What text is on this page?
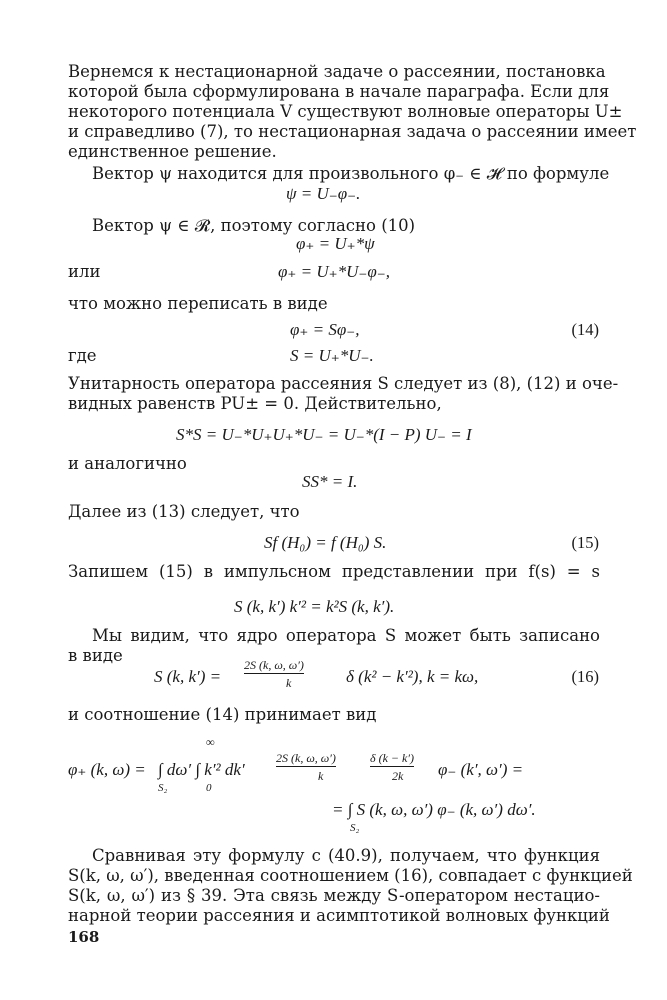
Вернемся к нестационарной задаче о рассеянии, постановка
которой была сформулирована в начале параграфа. Если для
некоторого потенциала V существуют волновые операторы U±
и справедливо (7), то нестационарная задача о рассеянии имеет
единственное решение.
Вектор ψ находится для произвольного φ₋ ∈ 𝓗 по формуле
ψ = U₋φ₋.
Вектор ψ ∈ 𝓡, поэтому согласно (10)
φ₊ = U₊*ψ
или	φ₊ = U₊*U₋φ₋,
что можно переписать в виде
φ₊ = Sφ₋,	(14)
где	S = U₊*U₋.
Унитарность оператора рассеяния S следует из (8), (12) и оче-
видных равенств PU± = 0. Действительно,
S*S = U₋*U₊U₊*U₋ = U₋*(I − P) U₋ = I
и аналогично
SS* = I.
Далее из (13) следует, что
Sf (H₀) = f (H₀) S.	(15)
Запишем (15) в импульсном представлении при f(s) = s
S (k, k′) k′² = k²S (k, k′).
Мы видим, что ядро оператора S может быть записано
в виде
S (k, k′) =
2S (k, ω, ω′)
k	δ (k² − k′²), k = kω,	(16)
и соотношение (14) принимает вид
φ₊ (k, ω) = ∫ dω′ ∫ k′² dk′
S₂	0
∞
2S (k, ω, ω′)
k
δ (k − k′)
2k φ₋ (k′, ω′) =
= ∫ S (k, ω, ω′) φ₋ (k, ω′) dω′.
S₂
Сравнивая эту формулу с (40.9), получаем, что функция
S(k, ω, ω′), введенная соотношением (16), совпадает с функцией
S(k, ω, ω′) из § 39. Эта связь между S-оператором нестацио-
нарной теории рассеяния и асимптотикой волновых функций
168
